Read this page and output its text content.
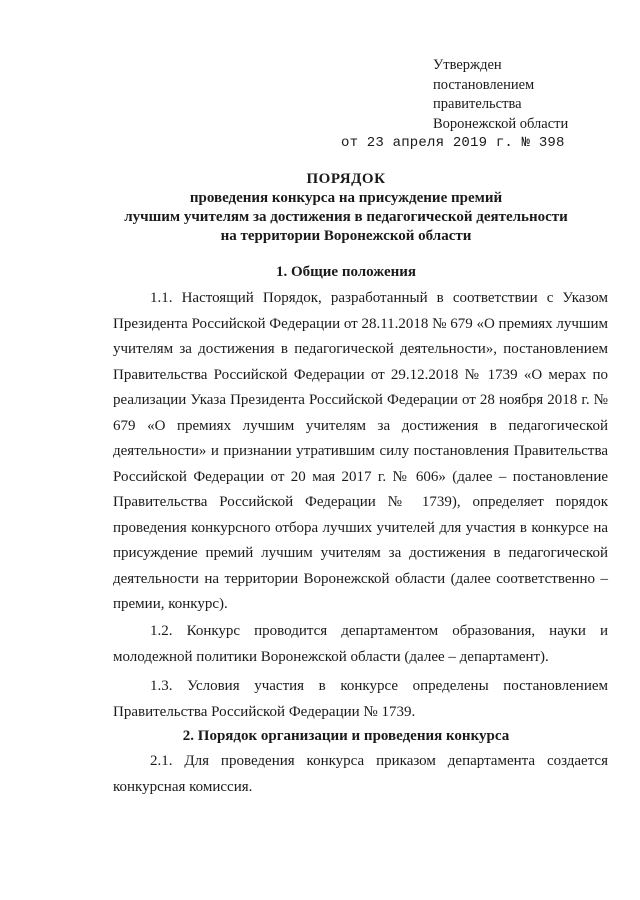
Утвержден
постановлением
правительства
Воронежской области
от 23 апреля 2019 г. № 398
ПОРЯДОК
проведения конкурса на присуждение премий
лучшим учителям за достижения в педагогической деятельности
на территории Воронежской области
1. Общие положения

1.1. Настоящий Порядок, разработанный в соответствии с Указом Президента Российской Федерации от 28.11.2018 № 679 «О премиях лучшим учителям за достижения в педагогической деятельности», постановлением Правительства Российской Федерации от 29.12.2018 № 1739 «О мерах по реализации Указа Президента Российской Федерации от 28 ноября 2018 г. № 679 «О премиях лучшим учителям за достижения в педагогической деятельности» и признании утратившим силу постановления Правительства Российской Федерации от 20 мая 2017 г. № 606» (далее – постановление Правительства Российской Федерации № 1739), определяет порядок проведения конкурсного отбора лучших учителей для участия в конкурсе на присуждение премий лучшим учителям за достижения в педагогической деятельности на территории Воронежской области (далее соответственно – премии, конкурс).

1.2. Конкурс проводится департаментом образования, науки и молодежной политики Воронежской области (далее – департамент).

1.3. Условия участия в конкурсе определены постановлением Правительства Российской Федерации № 1739.

2. Порядок организации и проведения конкурса

2.1. Для проведения конкурса приказом департамента создается конкурсная комиссия.
